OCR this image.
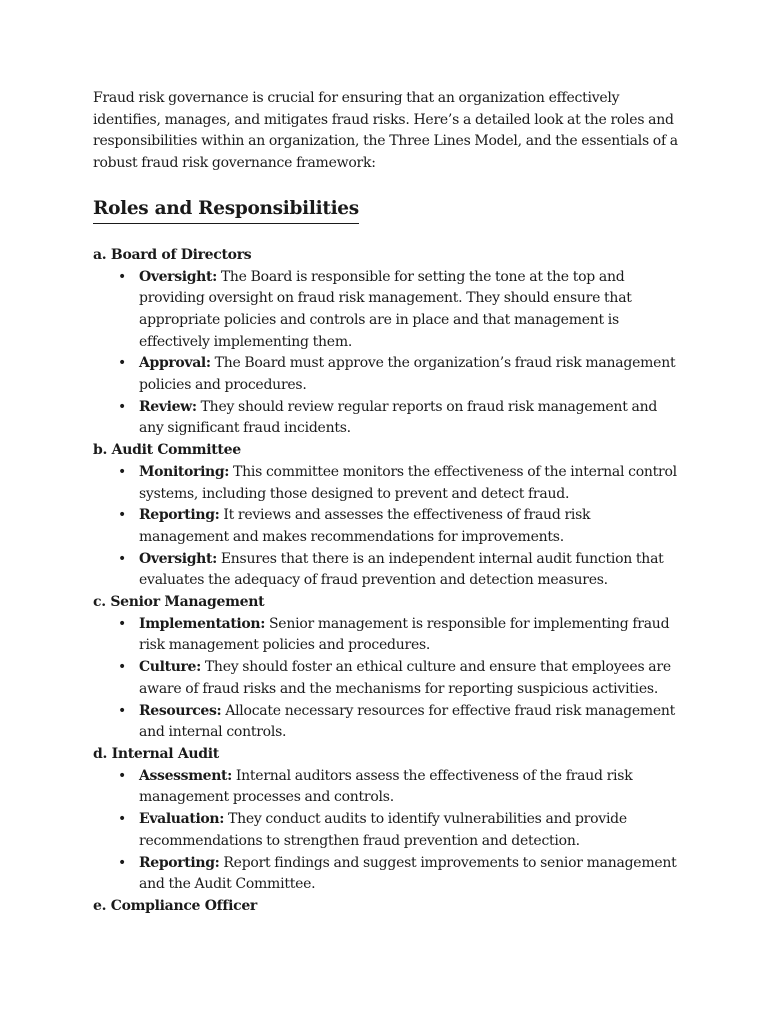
Fraud risk governance is crucial for ensuring that an organization effectively identifies, manages, and mitigates fraud risks. Here’s a detailed look at the roles and responsibilities within an organization, the Three Lines Model, and the essentials of a robust fraud risk governance framework:

Roles and Responsibilities
a. Board of Directors
• Oversight: The Board is responsible for setting the tone at the top and providing oversight on fraud risk management. They should ensure that appropriate policies and controls are in place and that management is effectively implementing them.
• Approval: The Board must approve the organization’s fraud risk management policies and procedures.
• Review: They should review regular reports on fraud risk management and any significant fraud incidents.
b. Audit Committee
• Monitoring: This committee monitors the effectiveness of the internal control systems, including those designed to prevent and detect fraud.
• Reporting: It reviews and assesses the effectiveness of fraud risk management and makes recommendations for improvements.
• Oversight: Ensures that there is an independent internal audit function that evaluates the adequacy of fraud prevention and detection measures.
c. Senior Management
• Implementation: Senior management is responsible for implementing fraud risk management policies and procedures.
• Culture: They should foster an ethical culture and ensure that employees are aware of fraud risks and the mechanisms for reporting suspicious activities.
• Resources: Allocate necessary resources for effective fraud risk management and internal controls.
d. Internal Audit
• Assessment: Internal auditors assess the effectiveness of the fraud risk management processes and controls.
• Evaluation: They conduct audits to identify vulnerabilities and provide recommendations to strengthen fraud prevention and detection.
• Reporting: Report findings and suggest improvements to senior management and the Audit Committee.
e. Compliance Officer
